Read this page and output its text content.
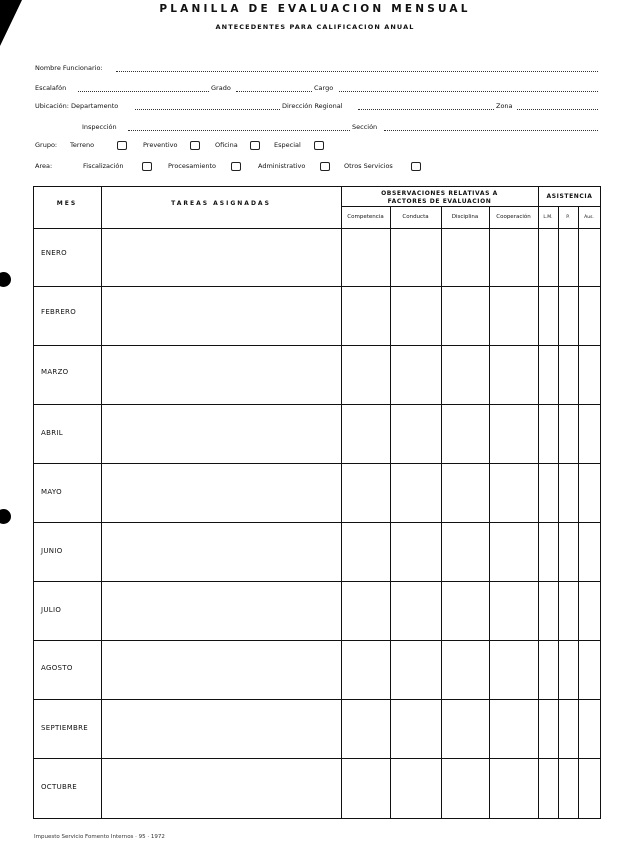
PLANILLA DE EVALUACION MENSUAL
ANTECEDENTES PARA CALIFICACION ANUAL
Nombre Funcionario:
Escalafón	Grado	Cargo
Ubicación: Departamento	Dirección Regional	Zona
Inspección	Sección
Grupo: Terreno	Preventivo	Oficina	Especial
Area:	Fiscalización	Procesamiento	Administrativo	Otros Servicios
MES	TAREAS ASIGNADAS
OBSERVACIONES RELATIVAS A
FACTORES DE EVALUACION
ASISTENCIA
Competencia	Conducta	Disciplina	Cooperación	L.M.	P.	Aus.
ENERO
FEBRERO
MARZO
ABRIL
MAYO
JUNIO
JULIO
AGOSTO
SEPTIEMBRE
OCTUBRE
Impuesto Servicio Fomento Internos · 95 · 1972
